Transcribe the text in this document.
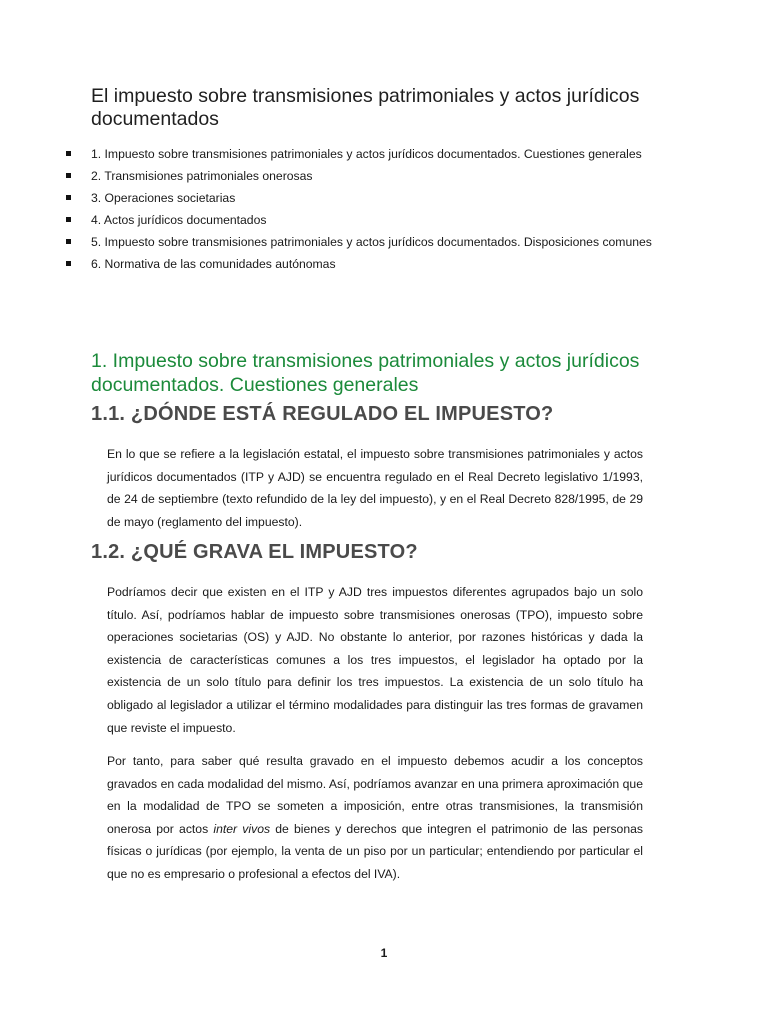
El impuesto sobre transmisiones patrimoniales y actos jurídicos documentados
1. Impuesto sobre transmisiones patrimoniales y actos jurídicos documentados. Cuestiones generales
2. Transmisiones patrimoniales onerosas
3. Operaciones societarias
4. Actos jurídicos documentados
5. Impuesto sobre transmisiones patrimoniales y actos jurídicos documentados. Disposiciones comunes
6. Normativa de las comunidades autónomas
1. Impuesto sobre transmisiones patrimoniales y actos jurídicos documentados. Cuestiones generales
1.1. ¿DÓNDE ESTÁ REGULADO EL IMPUESTO?

En lo que se refiere a la legislación estatal, el impuesto sobre transmisiones patrimoniales y actos jurídicos documentados (ITP y AJD) se encuentra regulado en el Real Decreto legislativo 1/1993, de 24 de septiembre (texto refundido de la ley del impuesto), y en el Real Decreto 828/1995, de 29 de mayo (reglamento del impuesto).

1.2. ¿QUÉ GRAVA EL IMPUESTO?

Podríamos decir que existen en el ITP y AJD tres impuestos diferentes agrupados bajo un solo título. Así, podríamos hablar de impuesto sobre transmisiones onerosas (TPO), impuesto sobre operaciones societarias (OS) y AJD. No obstante lo anterior, por razones históricas y dada la existencia de características comunes a los tres impuestos, el legislador ha optado por la existencia de un solo título para definir los tres impuestos. La existencia de un solo título ha obligado al legislador a utilizar el término modalidades para distinguir las tres formas de gravamen que reviste el impuesto.

Por tanto, para saber qué resulta gravado en el impuesto debemos acudir a los conceptos gravados en cada modalidad del mismo. Así, podríamos avanzar en una primera aproximación que en la modalidad de TPO se someten a imposición, entre otras transmisiones, la transmisión onerosa por actos inter vivos de bienes y derechos que integren el patrimonio de las personas físicas o jurídicas (por ejemplo, la venta de un piso por un particular; entendiendo por particular el que no es empresario o profesional a efectos del IVA).

1
